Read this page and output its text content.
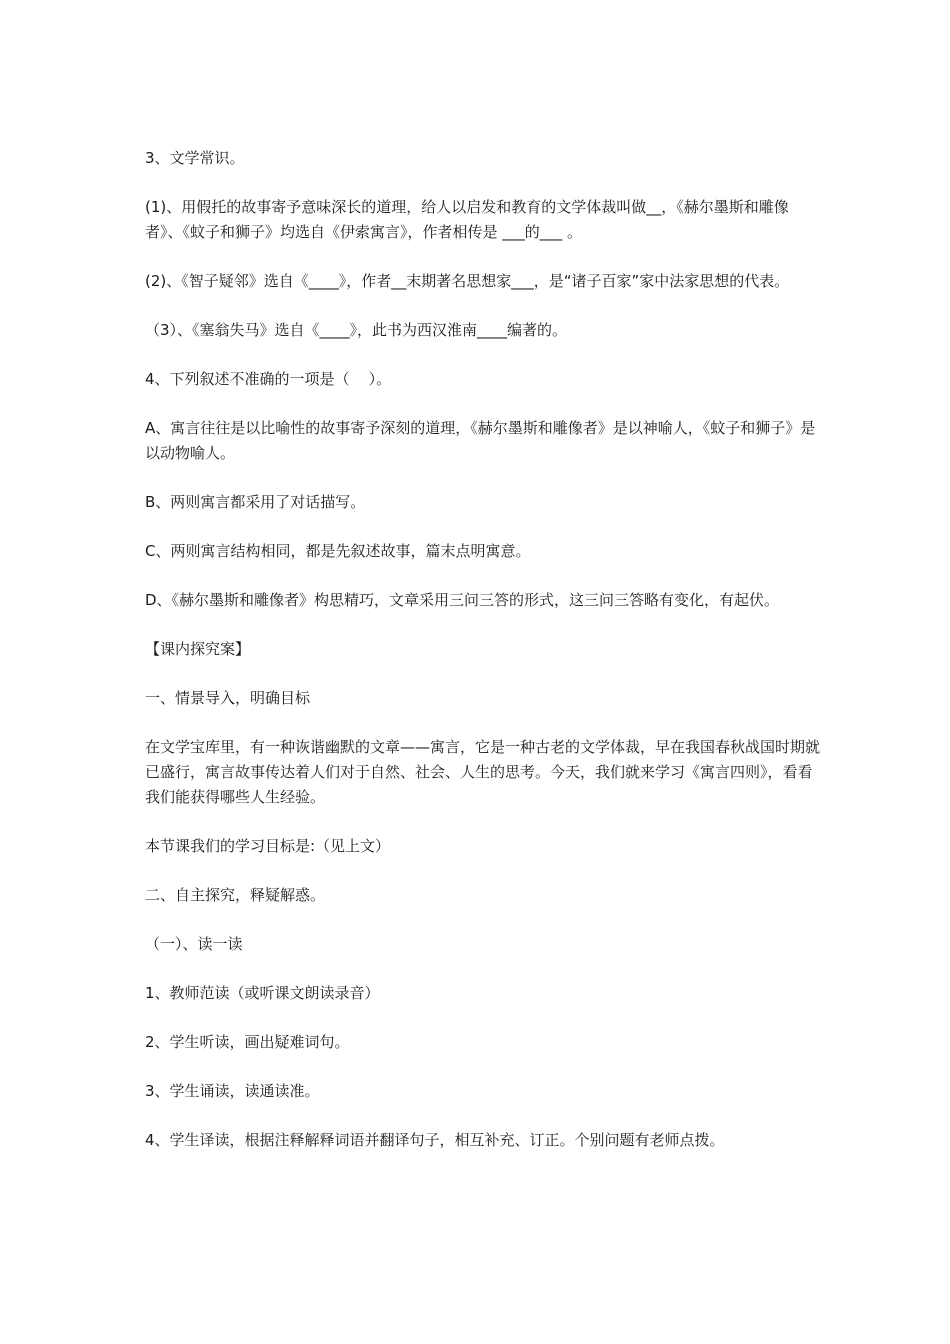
3、文学常识。

(1)、用假托的故事寄予意味深长的道理，给人以启发和教育的文学体裁叫做__，《赫尔墨斯和雕像者》、《蚊子和狮子》均选自《伊索寓言》，作者相传是 ___的___ 。

(2)、《智子疑邻》选自《____》，作者__末期著名思想家___，是“诸子百家”家中法家思想的代表。

（3）、《塞翁失马》选自《____》，此书为西汉淮南____编著的。

4、下列叙述不准确的一项是（    ）。

A、寓言往往是以比喻性的故事寄予深刻的道理，《赫尔墨斯和雕像者》是以神喻人，《蚊子和狮子》是以动物喻人。

B、两则寓言都采用了对话描写。

C、两则寓言结构相同，都是先叙述故事，篇末点明寓意。

D、《赫尔墨斯和雕像者》构思精巧，文章采用三问三答的形式，这三问三答略有变化，有起伏。

【课内探究案】

一、情景导入，明确目标

在文学宝库里，有一种诙谐幽默的文章——寓言，它是一种古老的文学体裁，早在我国春秋战国时期就已盛行，寓言故事传达着人们对于自然、社会、人生的思考。今天，我们就来学习《寓言四则》，看看我们能获得哪些人生经验。

本节课我们的学习目标是:（见上文）

二、自主探究，释疑解惑。

（一）、读一读

1、教师范读（或听课文朗读录音）

2、学生听读，画出疑难词句。

3、学生诵读，读通读准。

4、学生译读，根据注释解释词语并翻译句子，相互补充、订正。个别问题有老师点拨。
